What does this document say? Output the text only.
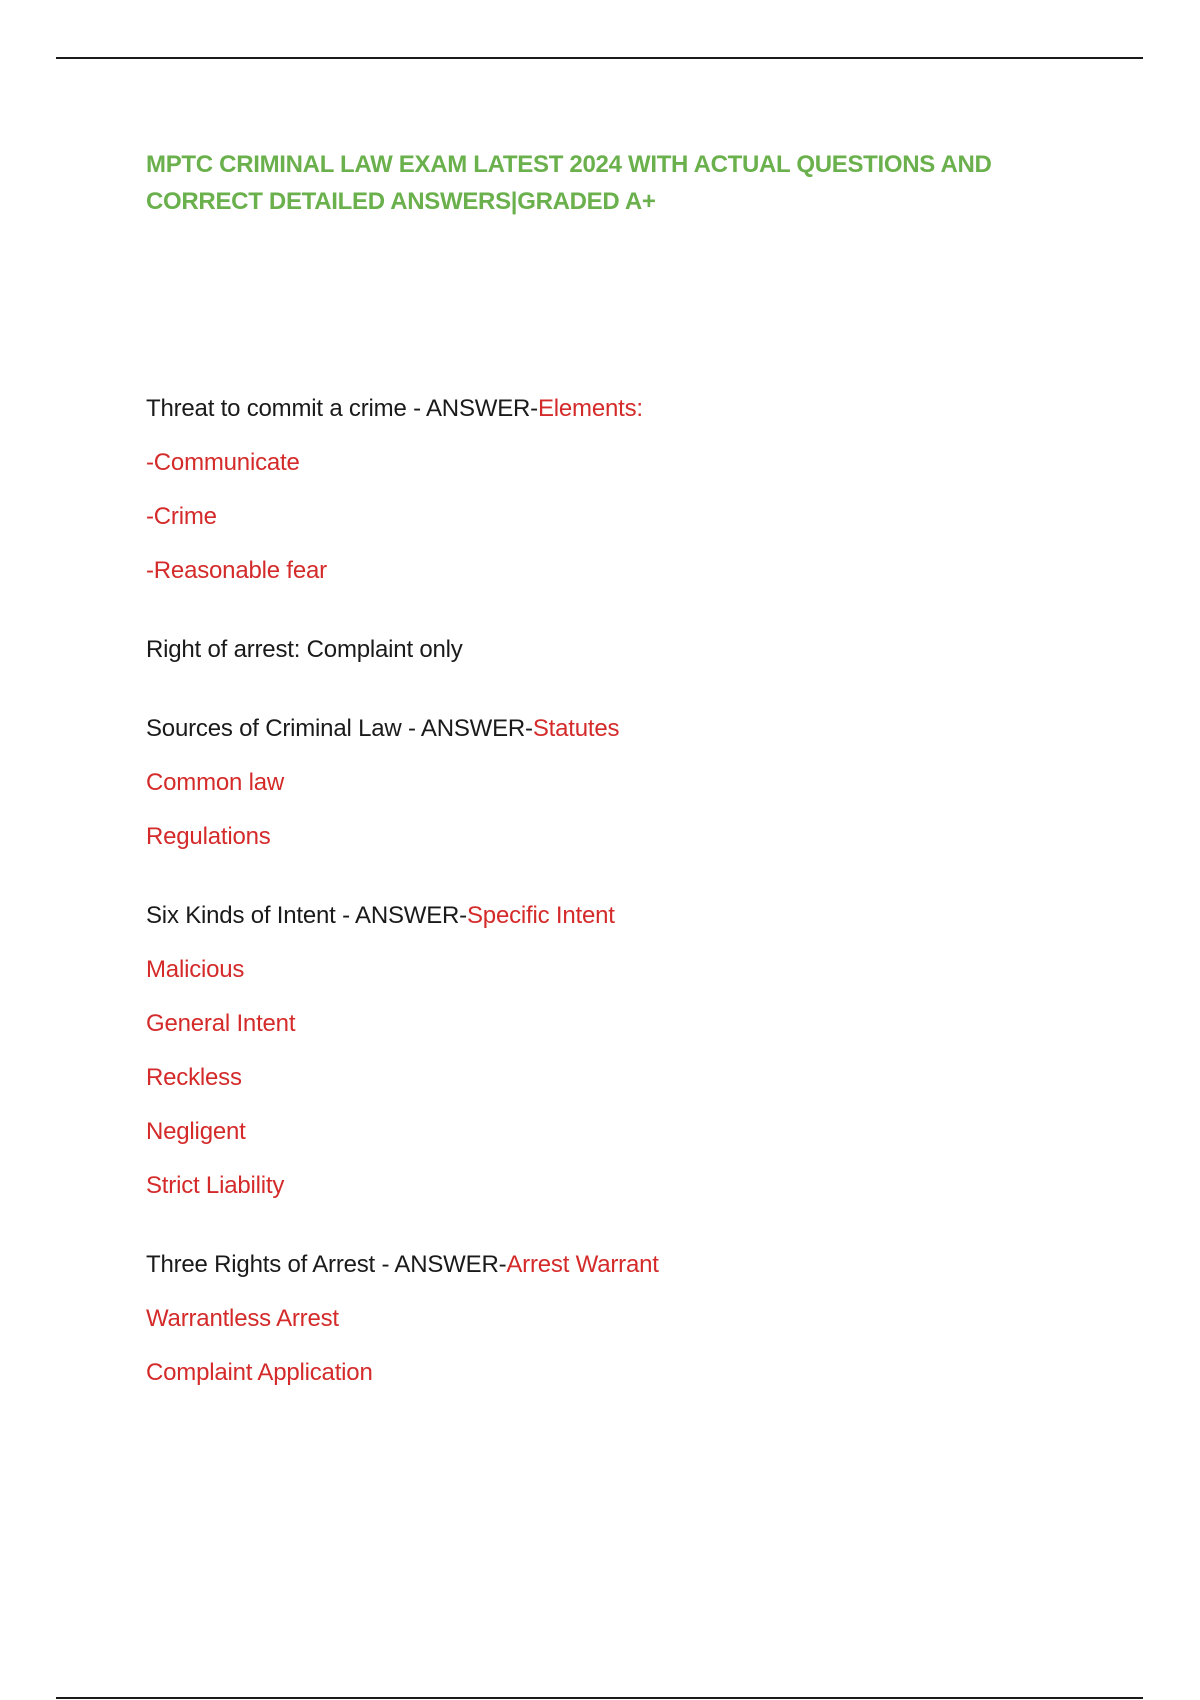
MPTC CRIMINAL LAW EXAM LATEST 2024 WITH ACTUAL QUESTIONS AND
CORRECT DETAILED ANSWERS|GRADED A+

Threat to commit a crime - ANSWER-Elements:

-Communicate

-Crime

-Reasonable fear

Right of arrest: Complaint only

Sources of Criminal Law - ANSWER-Statutes

Common law

Regulations

Six Kinds of Intent - ANSWER-Specific Intent

Malicious

General Intent

Reckless

Negligent

Strict Liability

Three Rights of Arrest - ANSWER-Arrest Warrant

Warrantless Arrest

Complaint Application
